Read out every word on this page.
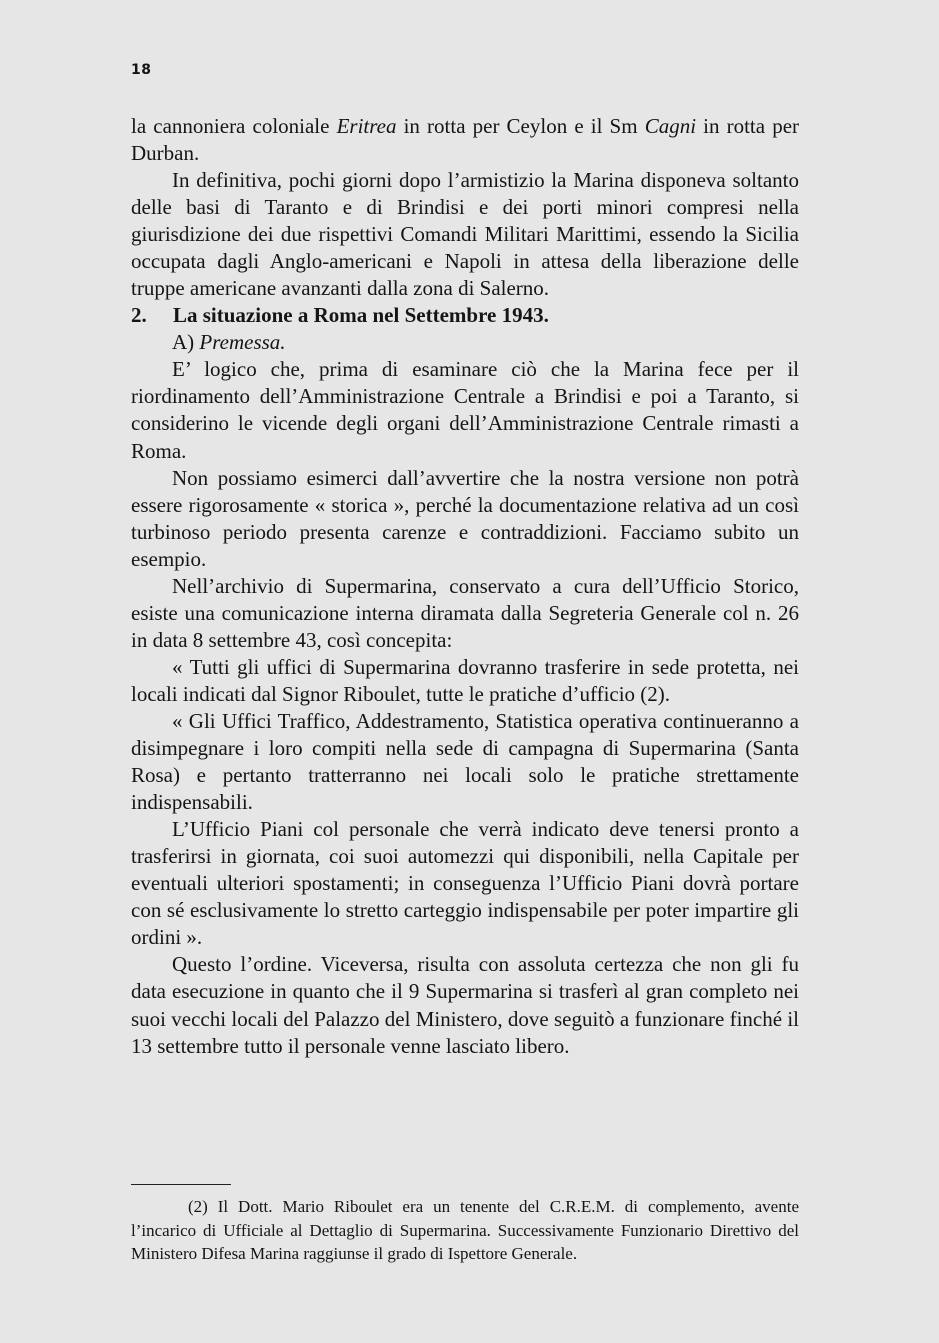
18

la cannoniera coloniale Eritrea in rotta per Ceylon e il Sm Cagni in rotta per Durban.

In definitiva, pochi giorni dopo l’armistizio la Marina disponeva soltanto delle basi di Taranto e di Brindisi e dei porti minori compresi nella giurisdizione dei due rispettivi Comandi Militari Marittimi, essendo la Sicilia occupata dagli Anglo-americani e Napoli in attesa della liberazione delle truppe americane avanzanti dalla zona di Salerno.

2. La situazione a Roma nel Settembre 1943.

A) Premessa.

E’ logico che, prima di esaminare ciò che la Marina fece per il riordinamento dell’Amministrazione Centrale a Brindisi e poi a Taranto, si considerino le vicende degli organi dell’Amministrazione Centrale rimasti a Roma.

Non possiamo esimerci dall’avvertire che la nostra versione non potrà essere rigorosamente « storica », perché la documentazione relativa ad un così turbinoso periodo presenta carenze e contraddizioni. Facciamo subito un esempio.

Nell’archivio di Supermarina, conservato a cura dell’Ufficio Storico, esiste una comunicazione interna diramata dalla Segreteria Generale col n. 26 in data 8 settembre 43, così concepita:

« Tutti gli uffici di Supermarina dovranno trasferire in sede protetta, nei locali indicati dal Signor Riboulet, tutte le pratiche d’ufficio (2).

« Gli Uffici Traffico, Addestramento, Statistica operativa continueranno a disimpegnare i loro compiti nella sede di campagna di Supermarina (Santa Rosa) e pertanto tratterranno nei locali solo le pratiche strettamente indispensabili.

L’Ufficio Piani col personale che verrà indicato deve tenersi pronto a trasferirsi in giornata, coi suoi automezzi qui disponibili, nella Capitale per eventuali ulteriori spostamenti; in conseguenza l’Ufficio Piani dovrà portare con sé esclusivamente lo stretto carteggio indispensabile per poter impartire gli ordini ».

Questo l’ordine. Viceversa, risulta con assoluta certezza che non gli fu data esecuzione in quanto che il 9 Supermarina si trasferì al gran completo nei suoi vecchi locali del Palazzo del Ministero, dove seguitò a funzionare finché il 13 settembre tutto il personale venne lasciato libero.

(2) Il Dott. Mario Riboulet era un tenente del C.R.E.M. di complemento, avente l’incarico di Ufficiale al Dettaglio di Supermarina. Successivamente Funzionario Direttivo del Ministero Difesa Marina raggiunse il grado di Ispettore Generale.
